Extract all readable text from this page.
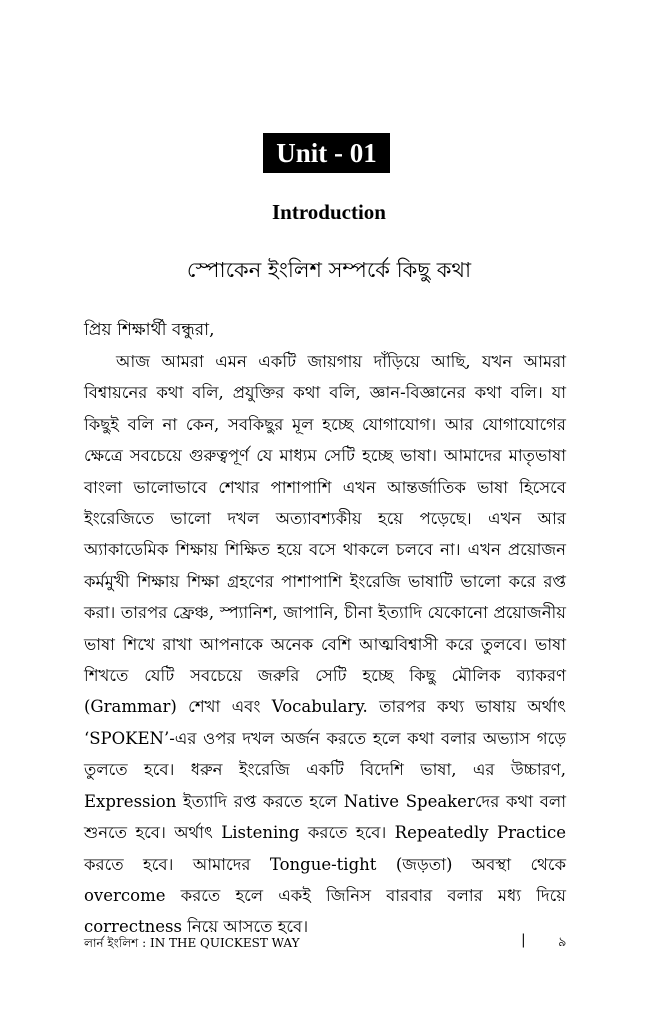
Unit - 01
Introduction
স্পোকেন ইংলিশ সম্পর্কে কিছু কথা
প্রিয় শিক্ষার্থী বন্ধুরা,

আজ আমরা এমন একটি জায়গায় দাঁড়িয়ে আছি, যখন আমরা বিশ্বায়নের কথা বলি, প্রযুক্তির কথা বলি, জ্ঞান-বিজ্ঞানের কথা বলি। যা কিছুই বলি না কেন, সবকিছুর মূল হচ্ছে যোগাযোগ। আর যোগাযোগের ক্ষেত্রে সবচেয়ে গুরুত্বপূর্ণ যে মাধ্যম সেটি হচ্ছে ভাষা। আমাদের মাতৃভাষা বাংলা ভালোভাবে শেখার পাশাপাশি এখন আন্তর্জাতিক ভাষা হিসেবে ইংরেজিতে ভালো দখল অত্যাবশ্যকীয় হয়ে পড়েছে। এখন আর অ্যাকাডেমিক শিক্ষায় শিক্ষিত হয়ে বসে থাকলে চলবে না। এখন প্রয়োজন কর্মমুখী শিক্ষায় শিক্ষা গ্রহণের পাশাপাশি ইংরেজি ভাষাটি ভালো করে রপ্ত করা। তারপর ফ্রেঞ্চ, স্প্যানিশ, জাপানি, চীনা ইত্যাদি যেকোনো প্রয়োজনীয় ভাষা শিখে রাখা আপনাকে অনেক বেশি আত্মবিশ্বাসী করে তুলবে। ভাষা শিখতে যেটি সবচেয়ে জরুরি সেটি হচ্ছে কিছু মৌলিক ব্যাকরণ (Grammar) শেখা এবং Vocabulary. তারপর কথ্য ভাষায় অর্থাৎ ‘SPOKEN’-এর ওপর দখল অর্জন করতে হলে কথা বলার অভ্যাস গড়ে তুলতে হবে। ধরুন ইংরেজি একটি বিদেশি ভাষা, এর উচ্চারণ, Expression ইত্যাদি রপ্ত করতে হলে Native Speakerদের কথা বলা শুনতে হবে। অর্থাৎ Listening করতে হবে। Repeatedly Practice করতে হবে। আমাদের Tongue-tight (জড়তা) অবস্থা থেকে overcome করতে হলে একই জিনিস বারবার বলার মধ্য দিয়ে correctness নিয়ে আসতে হবে।

লার্ন ইংলিশ : IN THE QUICKEST WAY	| ৯
